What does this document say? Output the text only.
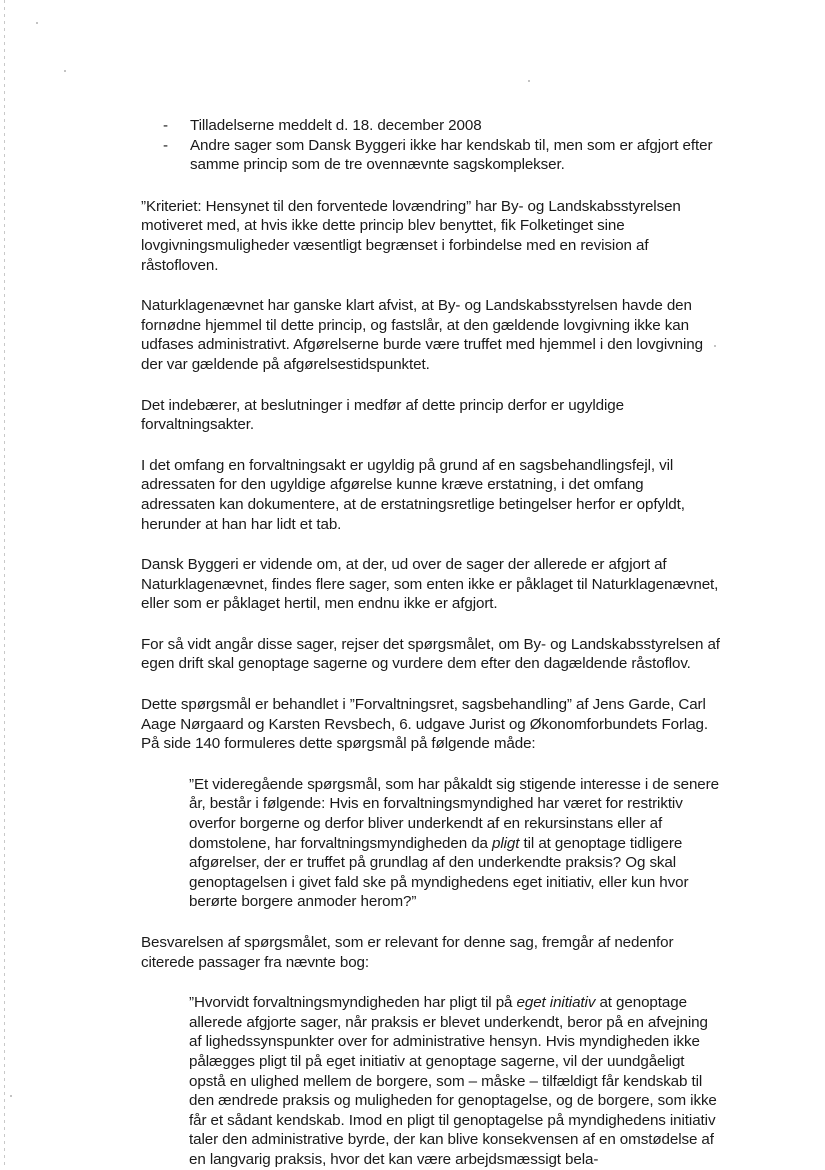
- Tilladelserne meddelt d. 18. december 2008
- Andre sager som Dansk Byggeri ikke har kendskab til, men som er afgjort efter samme princip som de tre ovennævnte sagskomplekser.

”Kriteriet: Hensynet til den forventede lovændring” har By- og Landskabsstyrelsen motiveret med, at hvis ikke dette princip blev benyttet, fik Folketinget sine lovgivningsmuligheder væsentligt begrænset i forbindelse med en revision af råstofloven.

Naturklagenævnet har ganske klart afvist, at By- og Landskabsstyrelsen havde den fornødne hjemmel til dette princip, og fastslår, at den gældende lovgivning ikke kan udfases administrativt. Afgørelserne burde være truffet med hjemmel i den lovgivning der var gældende på afgørelsestidspunktet.

Det indebærer, at beslutninger i medfør af dette princip derfor er ugyldige forvaltningsakter.

I det omfang en forvaltningsakt er ugyldig på grund af en sagsbehandlingsfejl, vil adressaten for den ugyldige afgørelse kunne kræve erstatning, i det omfang adressaten kan dokumentere, at de erstatningsretlige betingelser herfor er opfyldt, herunder at han har lidt et tab.

Dansk Byggeri er vidende om, at der, ud over de sager der allerede er afgjort af Naturklagenævnet, findes flere sager, som enten ikke er påklaget til Naturklagenævnet, eller som er påklaget hertil, men endnu ikke er afgjort.

For så vidt angår disse sager, rejser det spørgsmålet, om By- og Landskabsstyrelsen af egen drift skal genoptage sagerne og vurdere dem efter den dagældende råstoflov.

Dette spørgsmål er behandlet i ”Forvaltningsret, sagsbehandling” af Jens Garde, Carl Aage Nørgaard og Karsten Revsbech, 6. udgave Jurist og Økonomforbundets Forlag. På side 140 formuleres dette spørgsmål på følgende måde:

”Et videregående spørgsmål, som har påkaldt sig stigende interesse i de senere år, består i følgende: Hvis en forvaltningsmyndighed har været for restriktiv overfor borgerne og derfor bliver underkendt af en rekursinstans eller af domstolene, har forvaltningsmyndigheden da pligt til at genoptage tidligere afgørelser, der er truffet på grundlag af den underkendte praksis? Og skal genoptagelsen i givet fald ske på myndighedens eget initiativ, eller kun hvor berørte borgere anmoder herom?”

Besvarelsen af spørgsmålet, som er relevant for denne sag, fremgår af nedenfor citerede passager fra nævnte bog:

”Hvorvidt forvaltningsmyndigheden har pligt til på eget initiativ at genoptage allerede afgjorte sager, når praksis er blevet underkendt, beror på en afvejning af lighedssynspunkter over for administrative hensyn. Hvis myndigheden ikke pålægges pligt til på eget initiativ at genoptage sagerne, vil der uundgåeligt opstå en ulighed mellem de borgere, som – måske – tilfældigt får kendskab til den ændrede praksis og muligheden for genoptagelse, og de borgere, som ikke får et sådant kendskab. Imod en pligt til genoptagelse på myndighedens initiativ taler den administrative byrde, der kan blive konsekvensen af en omstødelse af en langvarig praksis, hvor det kan være arbejdsmæssigt bela-
